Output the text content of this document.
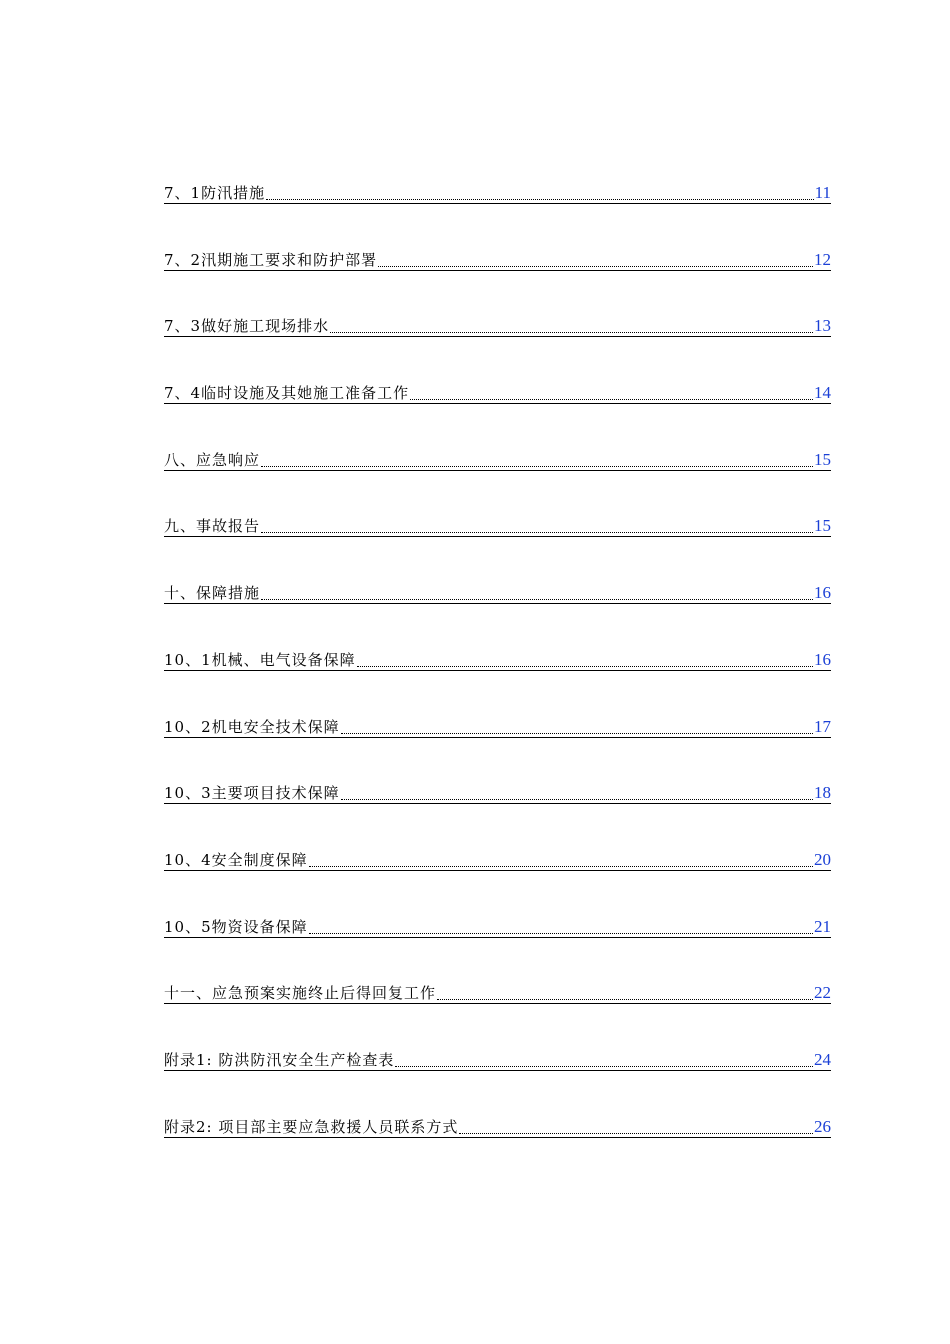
7、1防汛措施	11
7、2汛期施工要求和防护部署	12
7、3做好施工现场排水	13
7、4临时设施及其她施工准备工作	14
八、应急响应	15
九、事故报告	15
十、保障措施	16
10、1机械、电气设备保障	16
10、2机电安全技术保障	17
10、3主要项目技术保障	18
10、4安全制度保障	20
10、5物资设备保障	21
十一、应急预案实施终止后得回复工作	22
附录1: 防洪防汛安全生产检查表	24
附录2: 项目部主要应急救援人员联系方式	26
